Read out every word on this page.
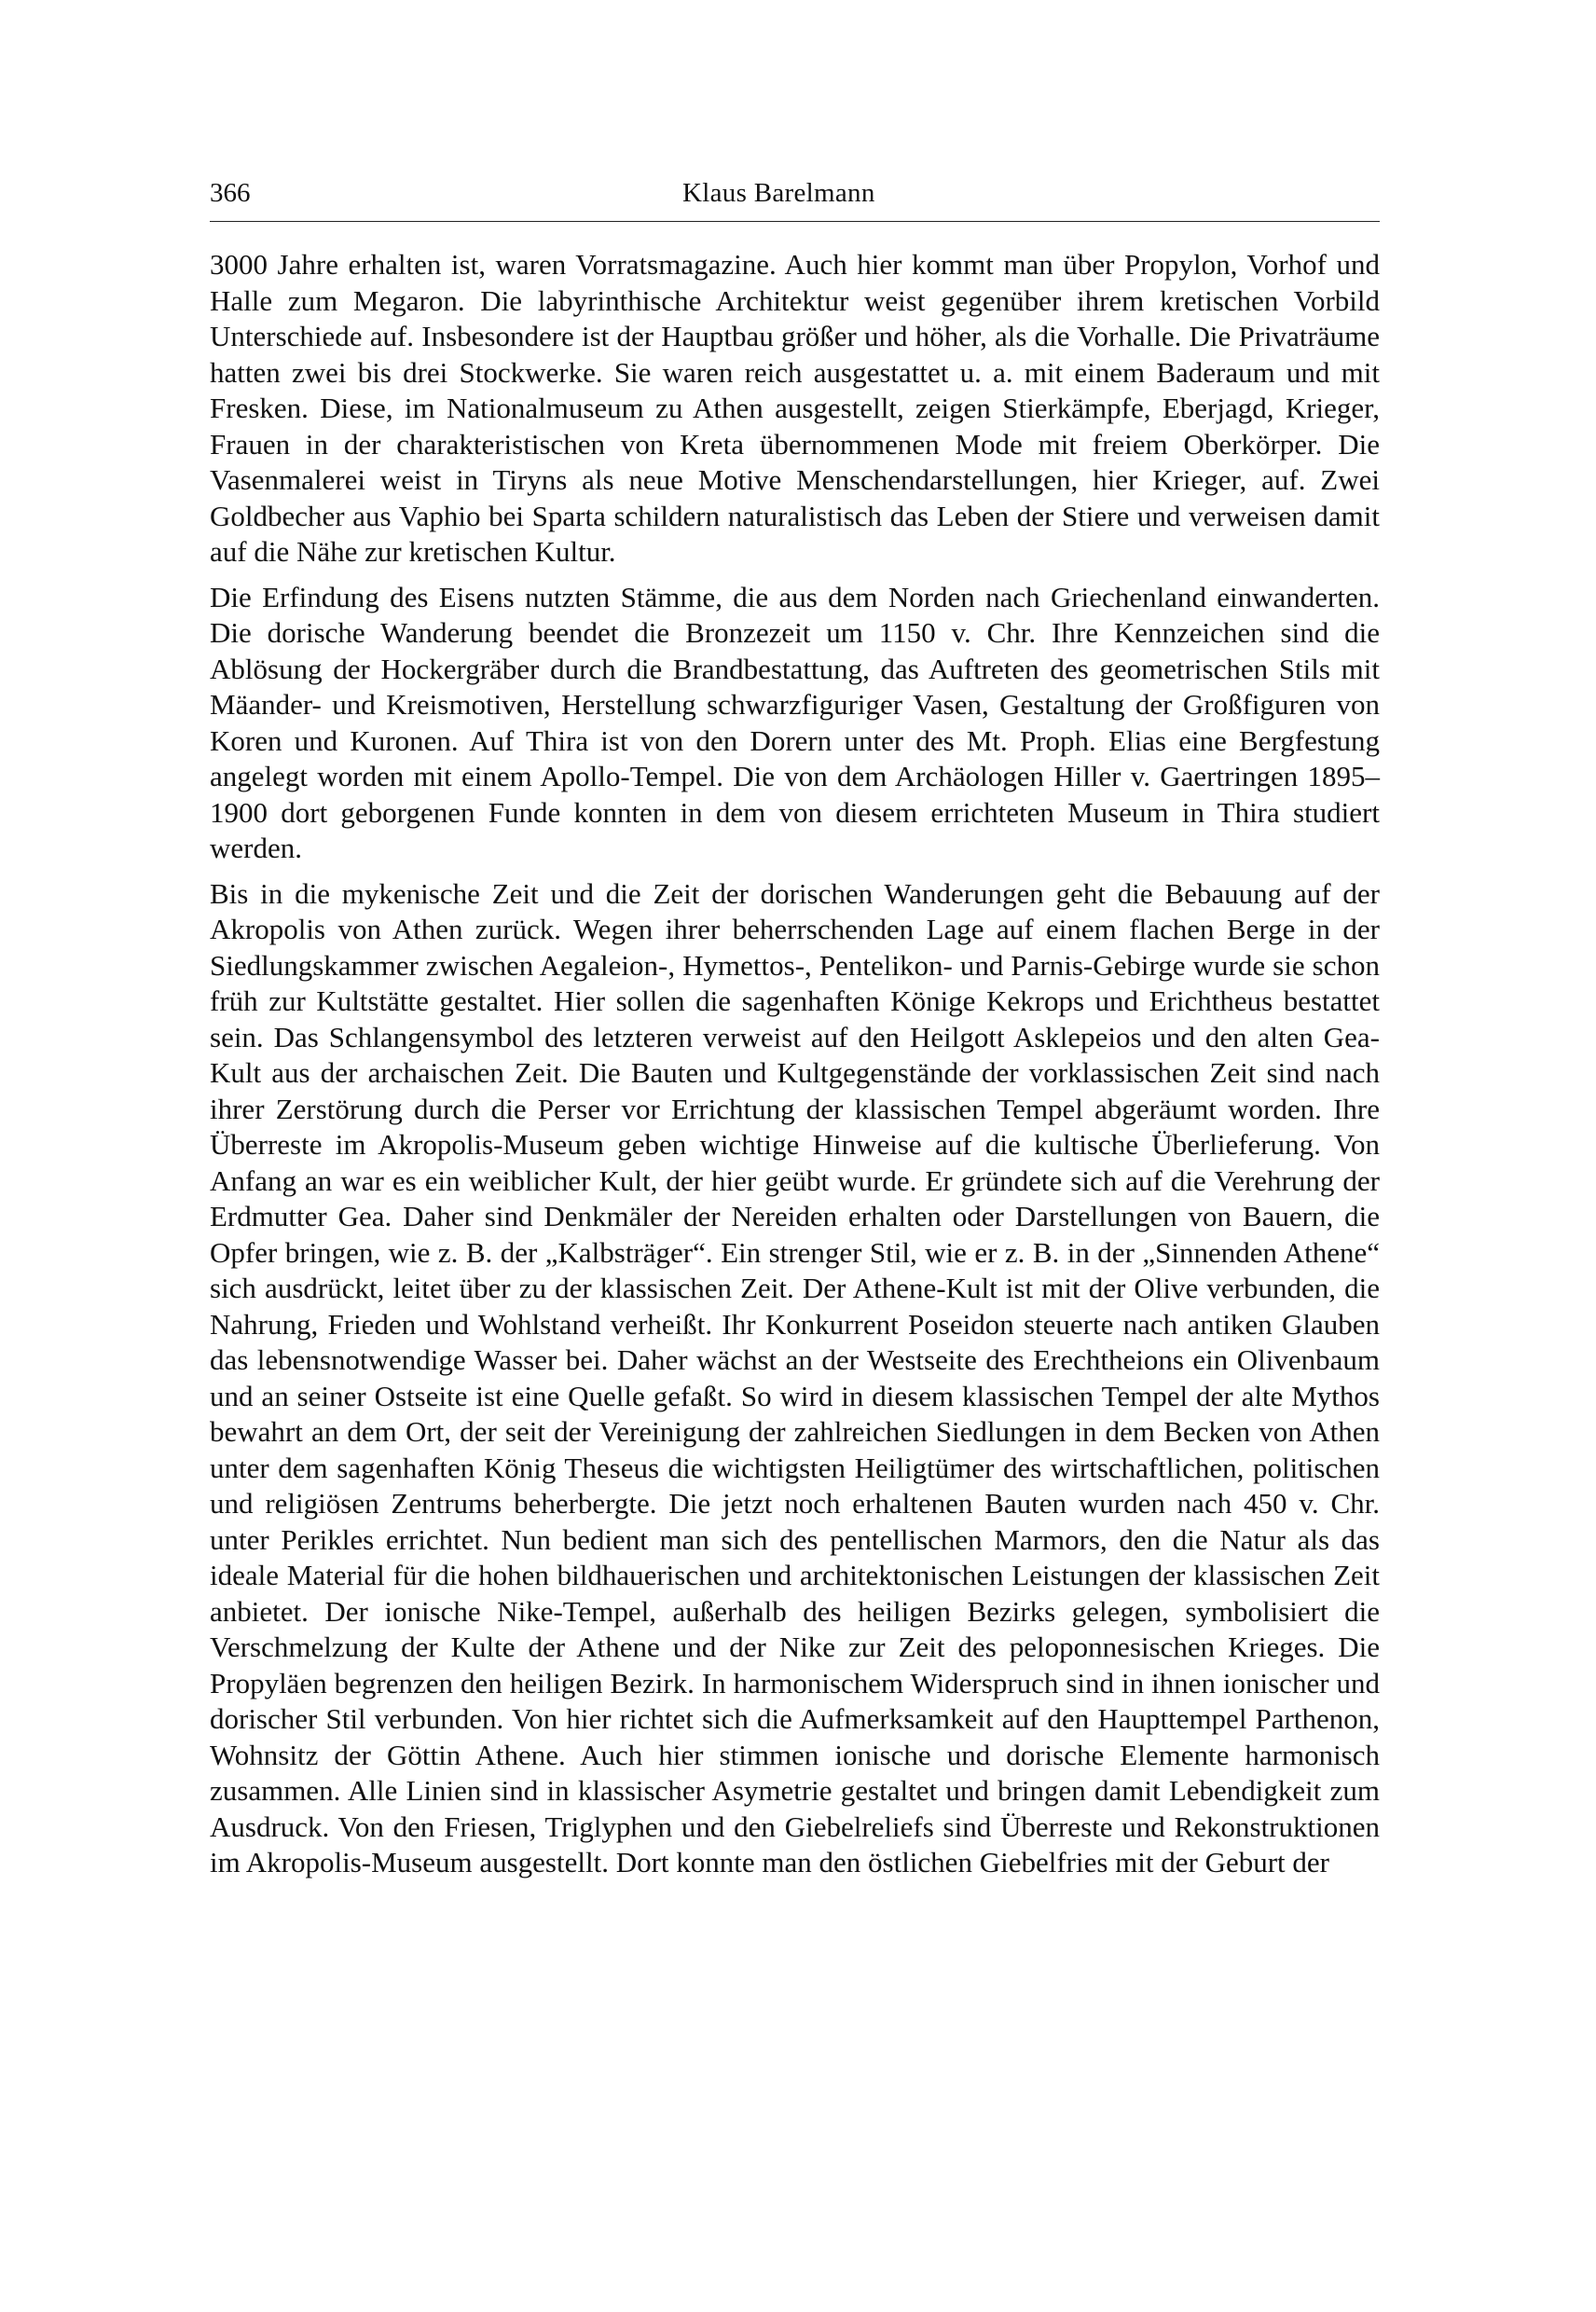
366	Klaus Barelmann

3000 Jahre erhalten ist, waren Vorratsmagazine. Auch hier kommt man über Propylon, Vorhof und Halle zum Megaron. Die labyrinthische Architektur weist gegenüber ihrem kretischen Vorbild Unterschiede auf. Insbesondere ist der Hauptbau größer und höher, als die Vorhalle. Die Privaträume hatten zwei bis drei Stockwerke. Sie waren reich ausgestattet u. a. mit einem Baderaum und mit Fresken. Diese, im Nationalmuseum zu Athen ausgestellt, zeigen Stierkämpfe, Eberjagd, Krieger, Frauen in der charakteristischen von Kreta übernommenen Mode mit freiem Oberkörper. Die Vasenmalerei weist in Tiryns als neue Motive Menschendarstellungen, hier Krieger, auf. Zwei Goldbecher aus Vaphio bei Sparta schildern naturalistisch das Leben der Stiere und verweisen damit auf die Nähe zur kretischen Kultur.

Die Erfindung des Eisens nutzten Stämme, die aus dem Norden nach Griechenland einwanderten. Die dorische Wanderung beendet die Bronzezeit um 1150 v. Chr. Ihre Kennzeichen sind die Ablösung der Hockergräber durch die Brandbestattung, das Auftreten des geometrischen Stils mit Mäander- und Kreismotiven, Herstellung schwarzfiguriger Vasen, Gestaltung der Großfiguren von Koren und Kuronen. Auf Thira ist von den Dorern unter des Mt. Proph. Elias eine Bergfestung angelegt worden mit einem Apollo-Tempel. Die von dem Archäologen Hiller v. Gaertringen 1895–1900 dort geborgenen Funde konnten in dem von diesem errichteten Museum in Thira studiert werden.

Bis in die mykenische Zeit und die Zeit der dorischen Wanderungen geht die Bebauung auf der Akropolis von Athen zurück. Wegen ihrer beherrschenden Lage auf einem flachen Berge in der Siedlungskammer zwischen Aegaleion-, Hymettos-, Pentelikon- und Parnis-Gebirge wurde sie schon früh zur Kultstätte gestaltet. Hier sollen die sagenhaften Könige Kekrops und Erichtheus bestattet sein. Das Schlangensymbol des letzteren verweist auf den Heilgott Asklepeios und den alten Gea-Kult aus der archaischen Zeit. Die Bauten und Kultgegenstände der vorklassischen Zeit sind nach ihrer Zerstörung durch die Perser vor Errichtung der klassischen Tempel abgeräumt worden. Ihre Überreste im Akropolis-Museum geben wichtige Hinweise auf die kultische Überlieferung. Von Anfang an war es ein weiblicher Kult, der hier geübt wurde. Er gründete sich auf die Verehrung der Erdmutter Gea. Daher sind Denkmäler der Nereiden erhalten oder Darstellungen von Bauern, die Opfer bringen, wie z. B. der „Kalbsträger“. Ein strenger Stil, wie er z. B. in der „Sinnenden Athene“ sich ausdrückt, leitet über zu der klassischen Zeit. Der Athene-Kult ist mit der Olive verbunden, die Nahrung, Frieden und Wohlstand verheißt. Ihr Konkurrent Poseidon steuerte nach antiken Glauben das lebensnotwendige Wasser bei. Daher wächst an der Westseite des Erechtheions ein Olivenbaum und an seiner Ostseite ist eine Quelle gefaßt. So wird in diesem klassischen Tempel der alte Mythos bewahrt an dem Ort, der seit der Vereinigung der zahlreichen Siedlungen in dem Becken von Athen unter dem sagenhaften König Theseus die wichtigsten Heiligtümer des wirtschaftlichen, politischen und religiösen Zentrums beherbergte. Die jetzt noch erhaltenen Bauten wurden nach 450 v. Chr. unter Perikles errichtet. Nun bedient man sich des pentellischen Marmors, den die Natur als das ideale Material für die hohen bildhauerischen und architektonischen Leistungen der klassischen Zeit anbietet. Der ionische Nike-Tempel, außerhalb des heiligen Bezirks gelegen, symbolisiert die Verschmelzung der Kulte der Athene und der Nike zur Zeit des peloponnesischen Krieges. Die Propyläen begrenzen den heiligen Bezirk. In harmonischem Widerspruch sind in ihnen ionischer und dorischer Stil verbunden. Von hier richtet sich die Aufmerksamkeit auf den Haupttempel Parthenon, Wohnsitz der Göttin Athene. Auch hier stimmen ionische und dorische Elemente harmonisch zusammen. Alle Linien sind in klassischer Asymetrie gestaltet und bringen damit Lebendigkeit zum Ausdruck. Von den Friesen, Triglyphen und den Giebelreliefs sind Überreste und Rekonstruktionen im Akropolis-Museum ausgestellt. Dort konnte man den östlichen Giebelfries mit der Geburt der
